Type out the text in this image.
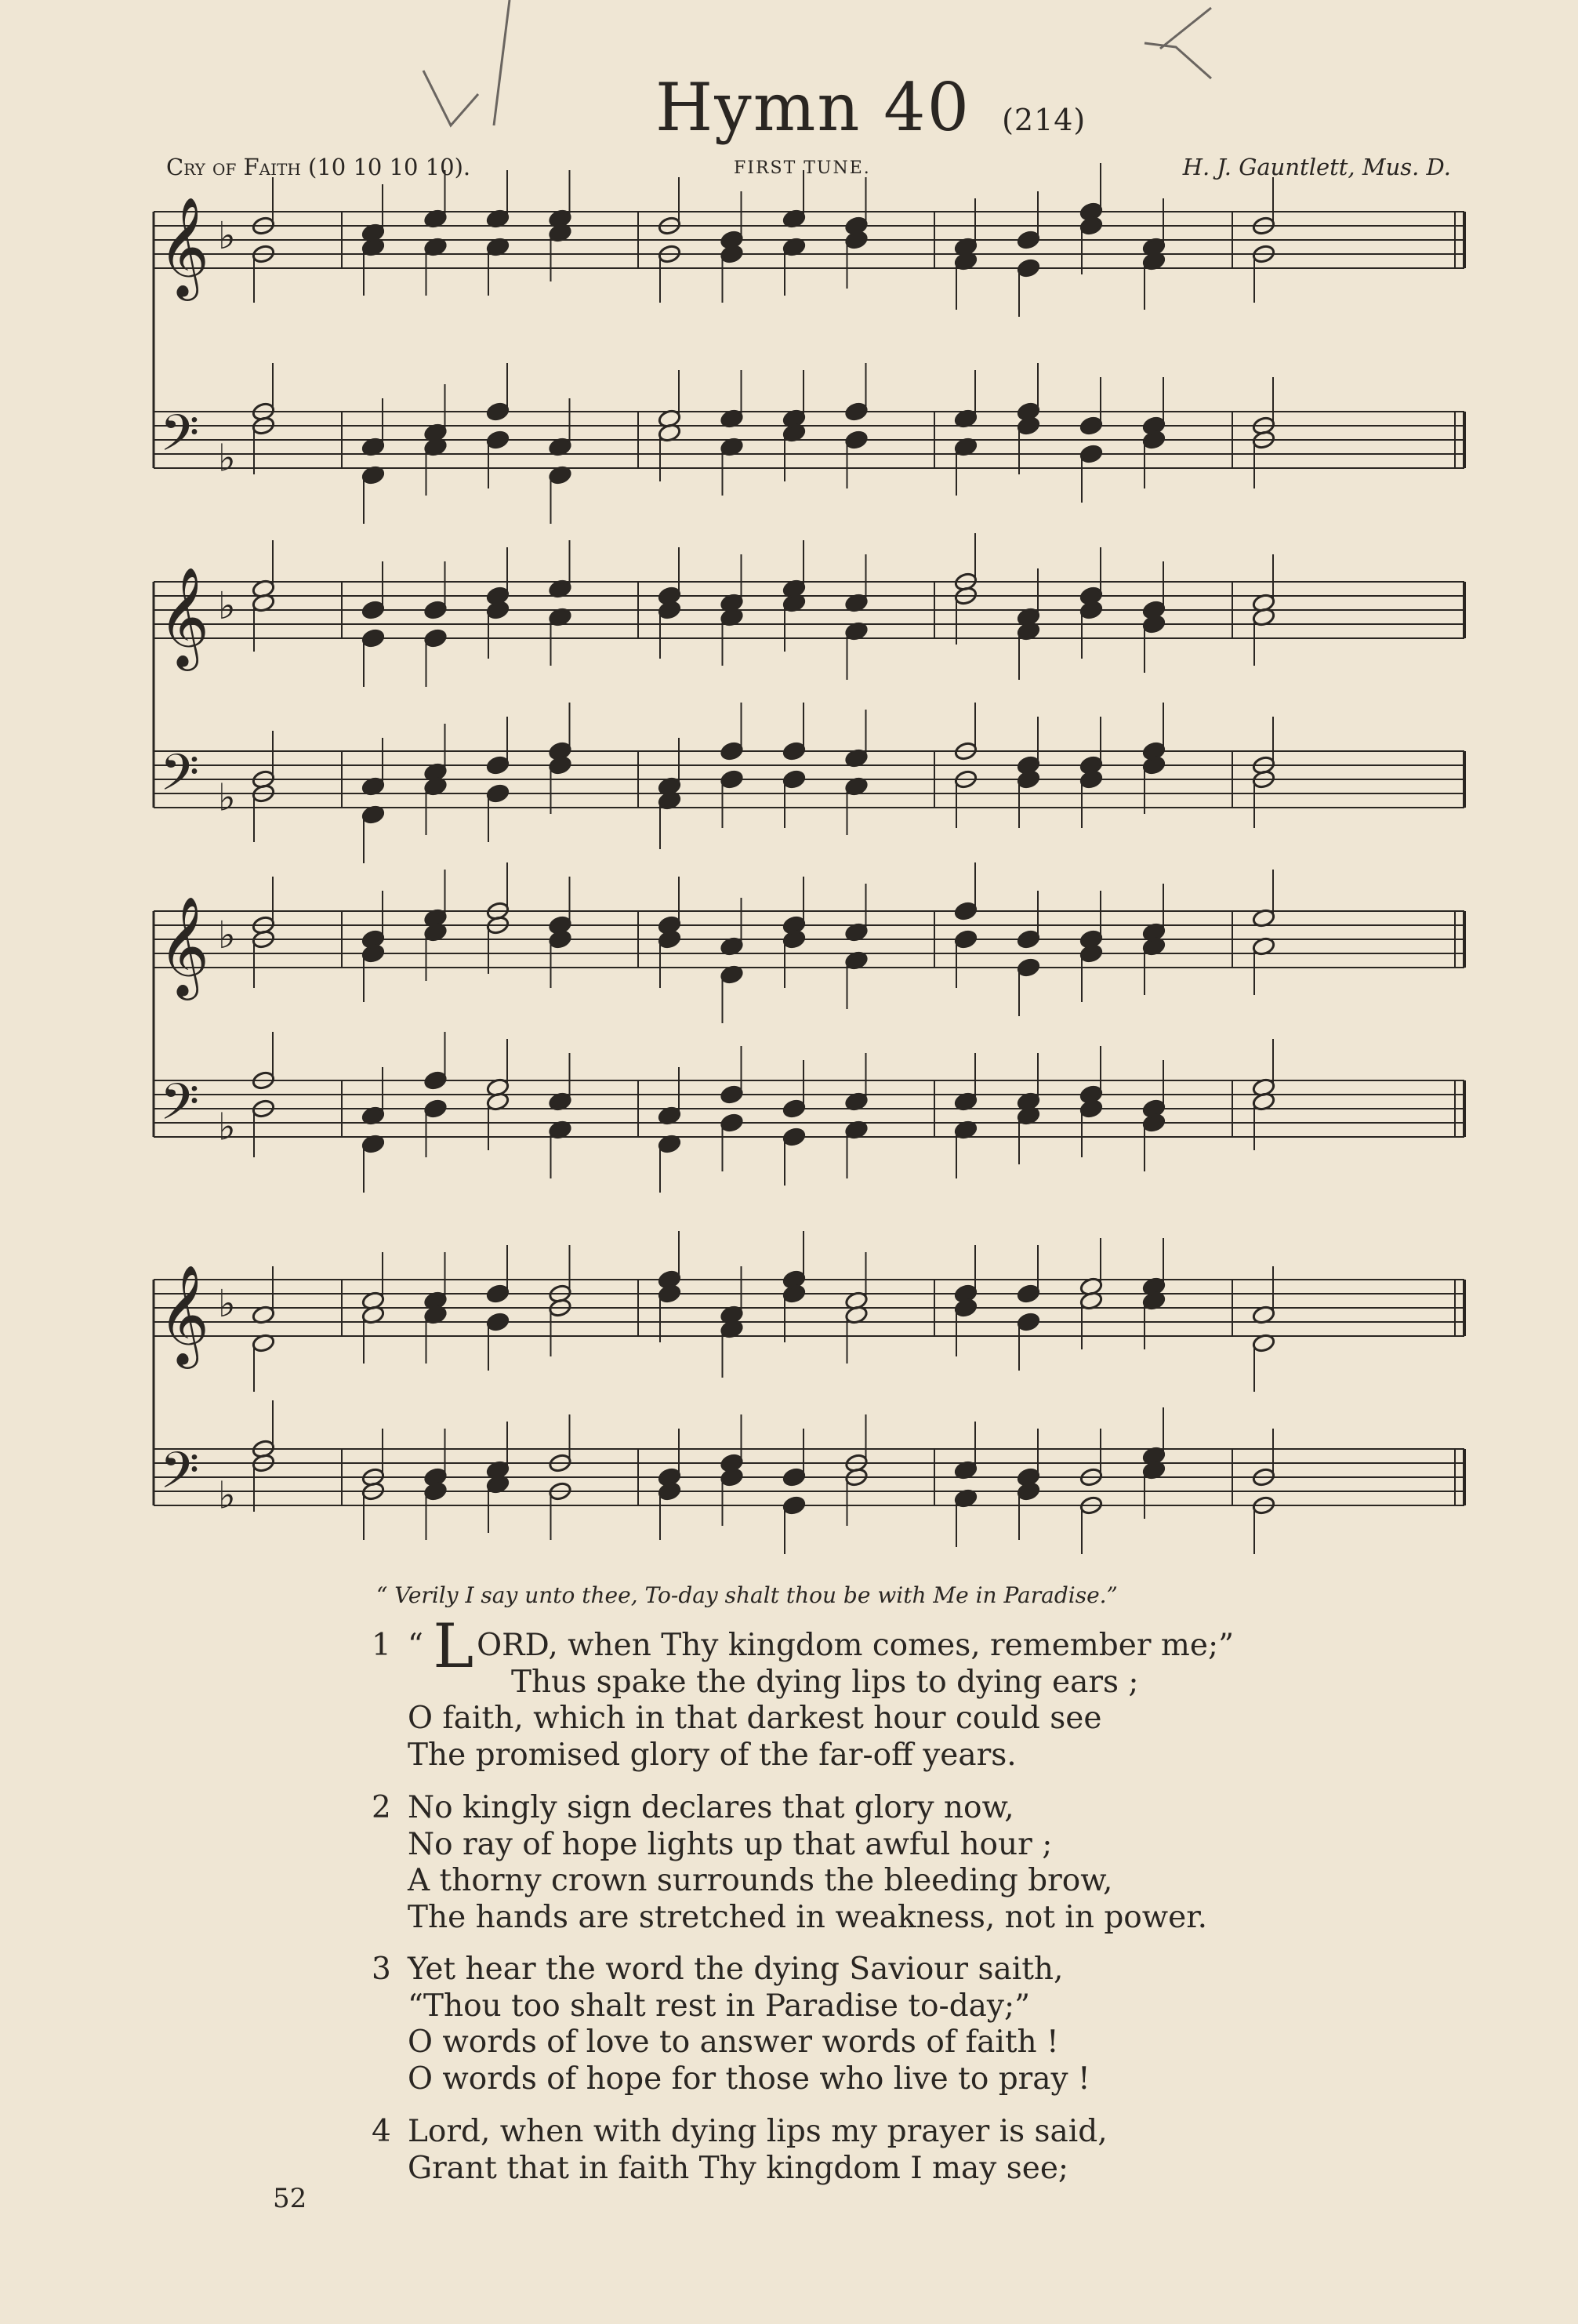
Hymn 40 (214)
Cry of Faith (10 10 10 10).	FIRST TUNE.	H. J. Gauntlett, Mus. D.
𝄞 ♭
𝄢 ♭
𝄞 ♭
𝄢 ♭
𝄞 ♭
𝄢 ♭
𝄞 ♭
𝄢 ♭
“ Verily I say unto thee, To-day shalt thou be with Me in Paradise.”
1 “ L ORD, when Thy kingdom comes, remember me;”
Thus spake the dying lips to dying ears ;
O faith, which in that darkest hour could see
The promised glory of the far-off years.
2 No kingly sign declares that glory now,
No ray of hope lights up that awful hour ;
A thorny crown surrounds the bleeding brow,
The hands are stretched in weakness, not in power.
3 Yet hear the word the dying Saviour saith,
“Thou too shalt rest in Paradise to-day;”
O words of love to answer words of faith !
O words of hope for those who live to pray !
4 Lord, when with dying lips my prayer is said,
Grant that in faith Thy kingdom I may see;
52
